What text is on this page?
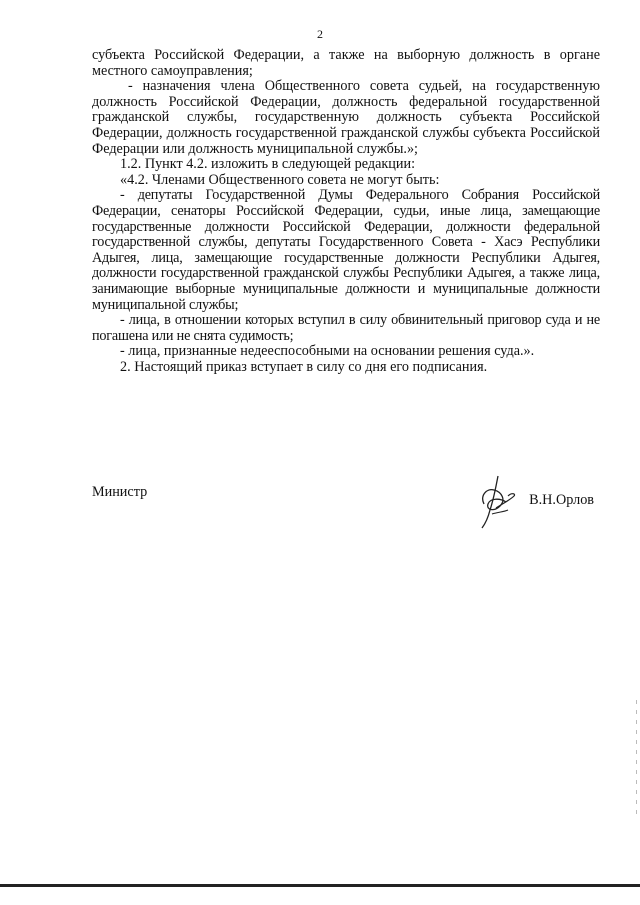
2

субъекта Российской Федерации, а также на выборную должность в органе местного самоуправления;

- назначения члена Общественного совета судьей, на государственную должность Российской Федерации, должность федеральной государственной гражданской службы, государственную должность субъекта Российской Федерации, должность государственной гражданской службы субъекта Российской Федерации или должность муниципальной службы.»;

1.2. Пункт 4.2. изложить в следующей редакции:

«4.2. Членами Общественного совета не могут быть:

- депутаты Государственной Думы Федерального Собрания Российской Федерации, сенаторы Российской Федерации, судьи, иные лица, замещающие государственные должности Российской Федерации, должности федеральной государственной службы, депутаты Государственного Совета - Хасэ Республики Адыгея, лица, замещающие государственные должности Республики Адыгея, должности государственной гражданской службы Республики Адыгея, а также лица, занимающие выборные муниципальные должности и муниципальные должности муниципальной службы;

- лица, в отношении которых вступил в силу обвинительный приговор суда и не погашена или не снята судимость;

- лица, признанные недееспособными на основании решения суда.».

2. Настоящий приказ вступает в силу со дня его подписания.

Министр	В.Н.Орлов
